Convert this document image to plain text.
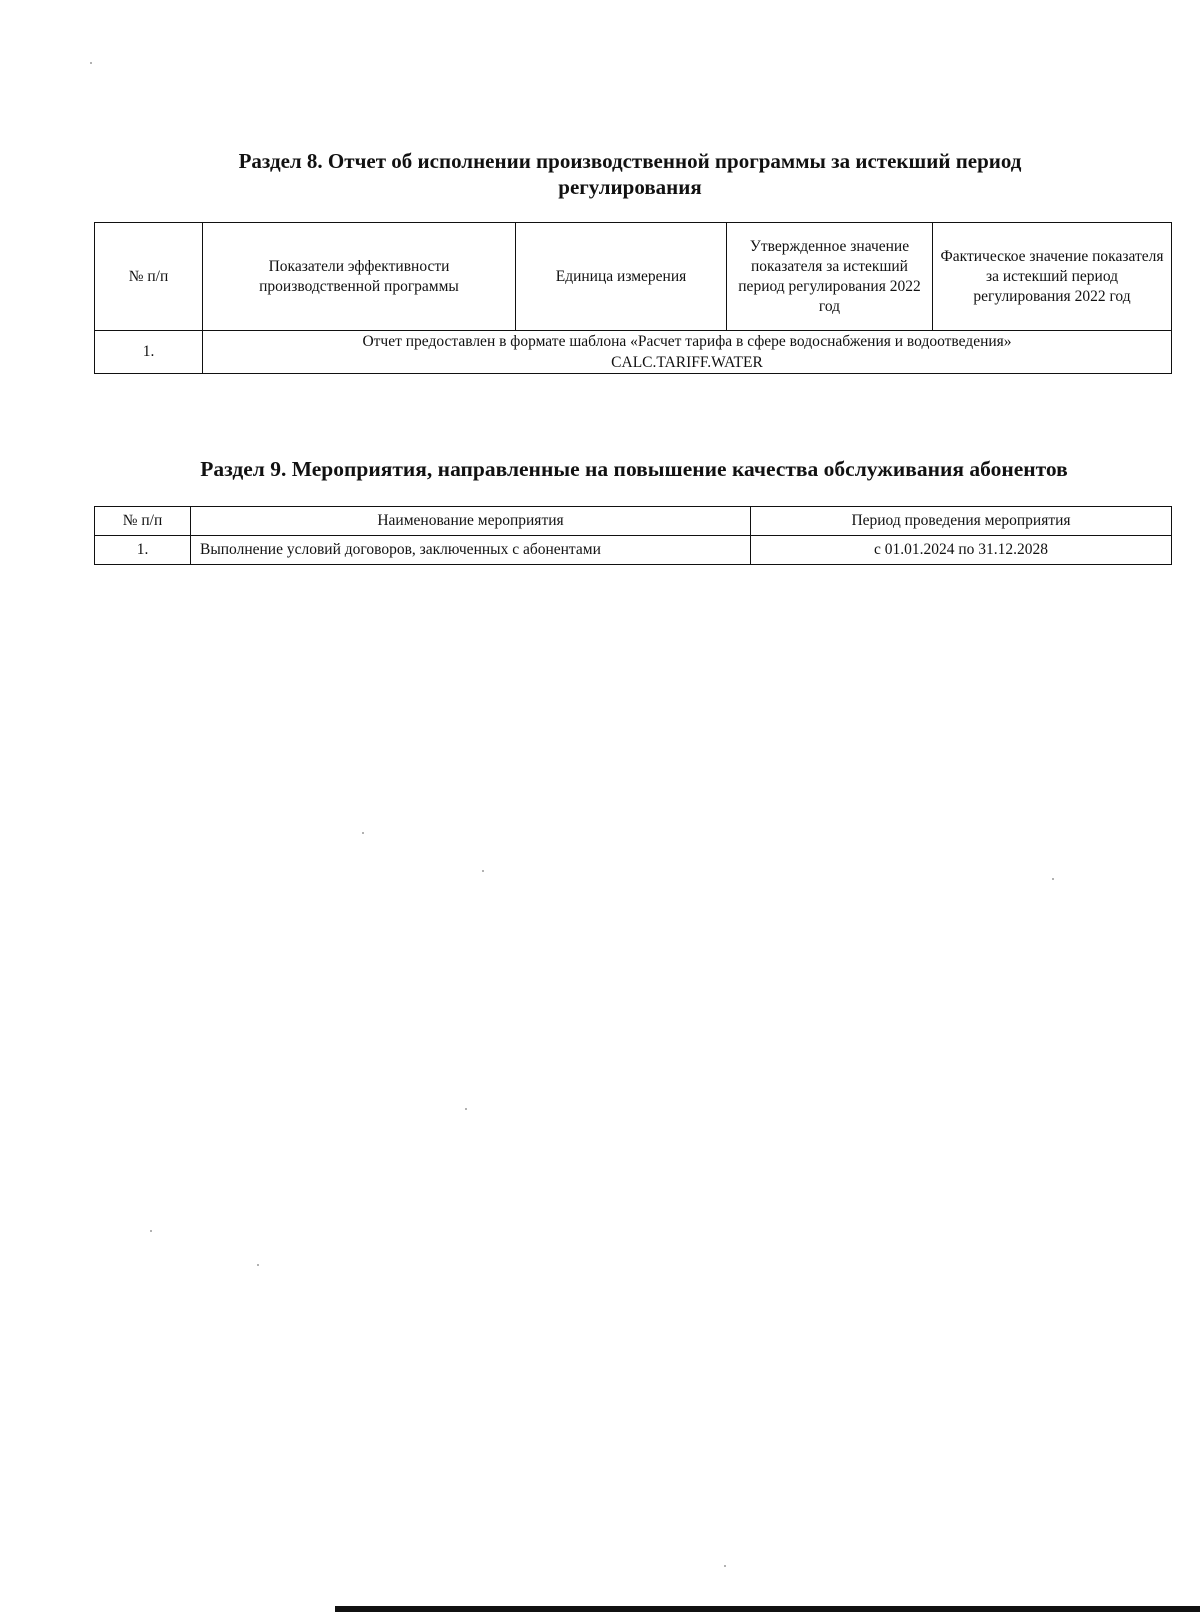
Раздел 8. Отчет об исполнении производственной программы за истекший период
регулирования
№ п/п	Показатели эффективности производственной программы	Единица измерения	Утвержденное значение показателя за истекший период регулирования 2022 год	Фактическое значение показателя за истекший период регулирования 2022 год
1.	Отчет предоставлен в формате шаблона «Расчет тарифа в сфере водоснабжения и водоотведения»
CALC.TARIFF.WATER			
Раздел 9. Мероприятия, направленные на повышение качества обслуживания абонентов
№ п/п	Наименование мероприятия	Период проведения мероприятия
1.	Выполнение условий договоров, заключенных с абонентами	с 01.01.2024 по 31.12.2028
